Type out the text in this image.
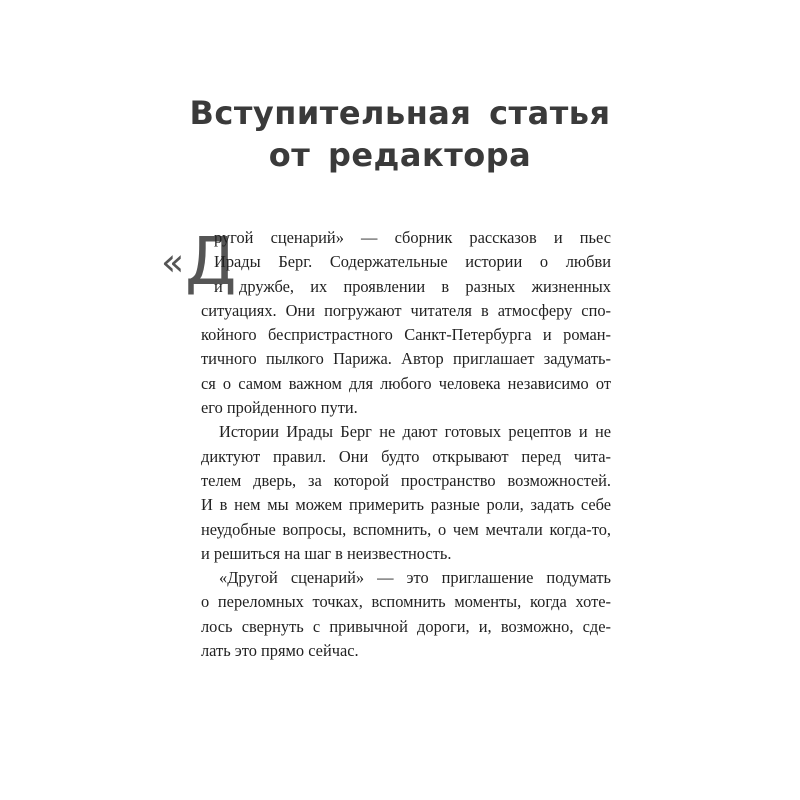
Вступительная статья
от редактора
« Д
ругой сценарий» — сборник рассказов и пьес
Ирады Берг. Содержательные истории о любви
и дружбе, их проявлении в разных жизненных
ситуациях. Они погружают читателя в атмосферу спо-
койного беспристрастного Санкт-Петербурга и роман-
тичного пылкого Парижа. Автор приглашает задумать-
ся о самом важном для любого человека независимо от
его пройденного пути.
Истории Ирады Берг не дают готовых рецептов и не
диктуют правил. Они будто открывают перед чита-
телем дверь, за которой пространство возможностей.
И в нем мы можем примерить разные роли, задать себе
неудобные вопросы, вспомнить, о чем мечтали когда-то,
и решиться на шаг в неизвестность.
«Другой сценарий» — это приглашение подумать
о переломных точках, вспомнить моменты, когда хоте-
лось свернуть с привычной дороги, и, возможно, сде-
лать это прямо сейчас.
